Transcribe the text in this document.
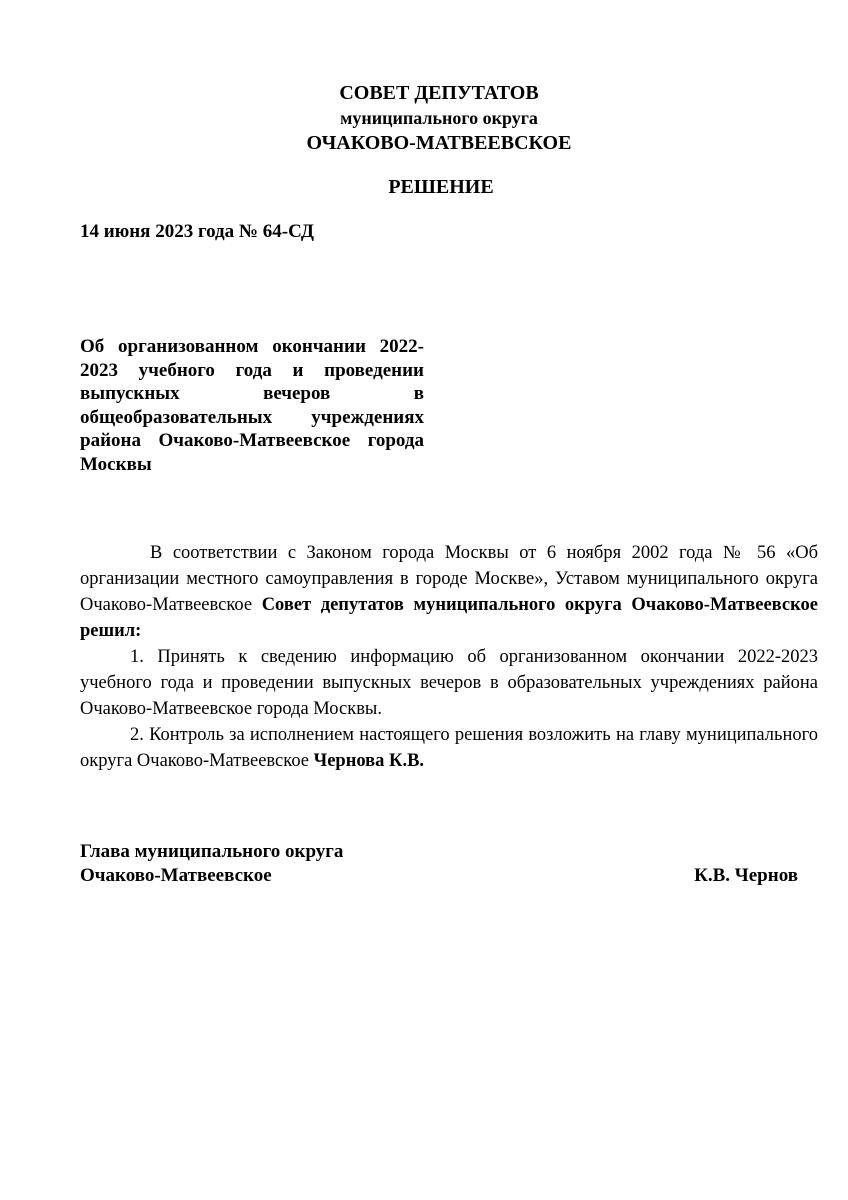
СОВЕТ ДЕПУТАТОВ
муниципального округа
ОЧАКОВО-МАТВЕЕВСКОЕ
РЕШЕНИЕ
14 июня 2023 года № 64-СД
Об организованном окончании 2022-2023 учебного года и проведении выпускных вечеров в общеобразовательных учреждениях района Очаково-Матвеевское города Москвы

В соответствии с Законом города Москвы от 6 ноября 2002 года № 56 «Об организации местного самоуправления в городе Москве», Уставом муниципального округа Очаково-Матвеевское Совет депутатов муниципального округа Очаково-Матвеевское решил:

1. Принять к сведению информацию об организованном окончании 2022-2023 учебного года и проведении выпускных вечеров в образовательных учреждениях района Очаково-Матвеевское города Москвы.

2. Контроль за исполнением настоящего решения возложить на главу муниципального округа Очаково-Матвеевское Чернова К.В.

Глава муниципального округа
Очаково-Матвеевское	К.В. Чернов
